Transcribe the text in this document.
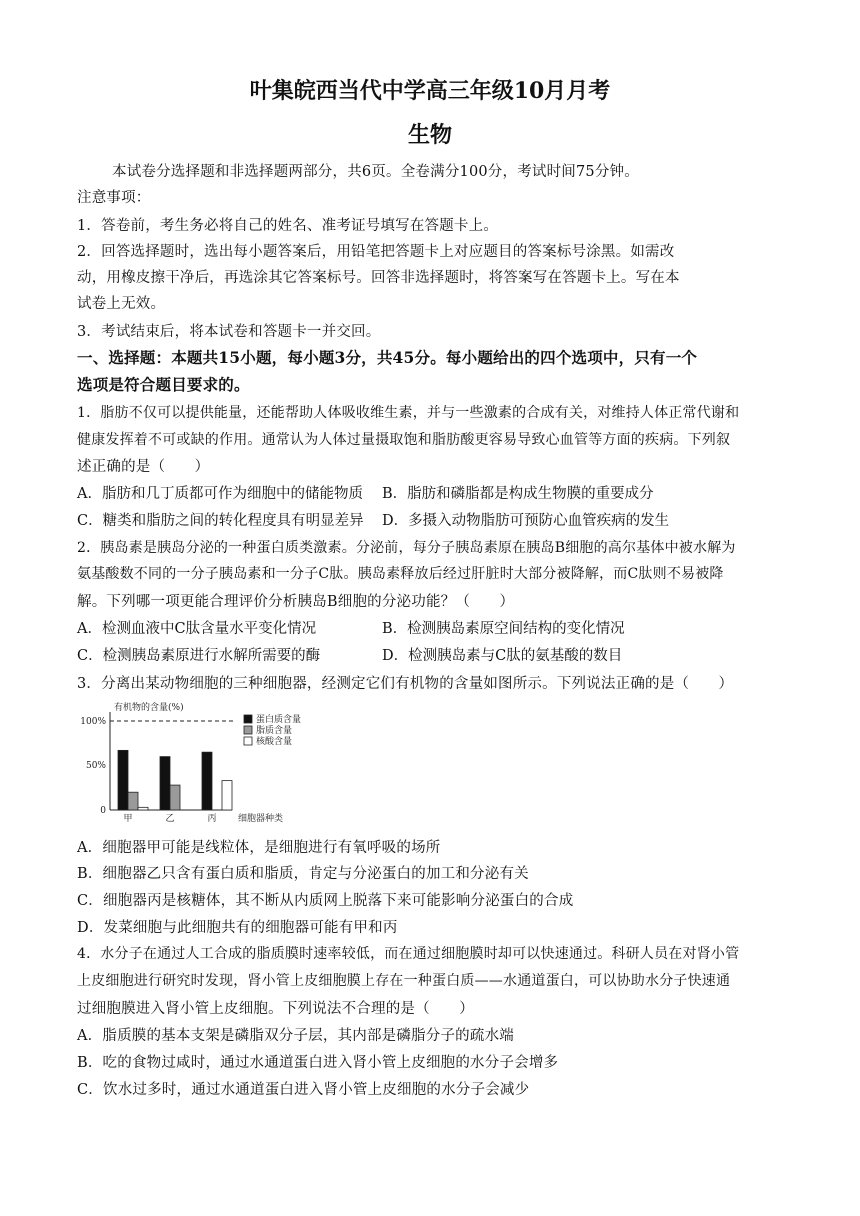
叶集皖西当代中学高三年级10月月考
生物
本试卷分选择题和非选择题两部分，共6页。全卷满分100分，考试时间75分钟。
注意事项：
1．答卷前，考生务必将自己的姓名、准考证号填写在答题卡上。
2．回答选择题时，选出每小题答案后，用铅笔把答题卡上对应题目的答案标号涂黑。如需改
动，用橡皮擦干净后，再选涂其它答案标号。回答非选择题时，将答案写在答题卡上。写在本
试卷上无效。
3．考试结束后，将本试卷和答题卡一并交回。
一、选择题：本题共15小题，每小题3分，共45分。每小题给出的四个选项中，只有一个
选项是符合题目要求的。
1．脂肪不仅可以提供能量，还能帮助人体吸收维生素，并与一些激素的合成有关，对维持人体正常代谢和
健康发挥着不可或缺的作用。通常认为人体过量摄取饱和脂肪酸更容易导致心血管等方面的疾病。下列叙
述正确的是（　　）
A．脂肪和几丁质都可作为细胞中的储能物质 B．脂肪和磷脂都是构成生物膜的重要成分
C．糖类和脂肪之间的转化程度具有明显差异 D．多摄入动物脂肪可预防心血管疾病的发生
2．胰岛素是胰岛分泌的一种蛋白质类激素。分泌前，每分子胰岛素原在胰岛B细胞的高尔基体中被水解为
氨基酸数不同的一分子胰岛素和一分子C肽。胰岛素释放后经过肝脏时大部分被降解，而C肽则不易被降
解。下列哪一项更能合理评价分析胰岛B细胞的分泌功能？（　　）
A．检测血液中C肽含量水平变化情况	B．检测胰岛素原空间结构的变化情况
C．检测胰岛素原进行水解所需要的酶	D．检测胰岛素与C肽的氨基酸的数目
3．分离出某动物细胞的三种细胞器，经测定它们有机物的含量如图所示。下列说法正确的是（　　）
有机物的含量(%)
100%
50%
0
甲	乙	丙 细胞器种类
蛋白质含量
脂质含量
核酸含量
A．细胞器甲可能是线粒体，是细胞进行有氧呼吸的场所
B．细胞器乙只含有蛋白质和脂质，肯定与分泌蛋白的加工和分泌有关
C．细胞器丙是核糖体，其不断从内质网上脱落下来可能影响分泌蛋白的合成
D．发菜细胞与此细胞共有的细胞器可能有甲和丙
4．水分子在通过人工合成的脂质膜时速率较低，而在通过细胞膜时却可以快速通过。科研人员在对肾小管
上皮细胞进行研究时发现，肾小管上皮细胞膜上存在一种蛋白质——水通道蛋白，可以协助水分子快速通
过细胞膜进入肾小管上皮细胞。下列说法不合理的是（　　）
A．脂质膜的基本支架是磷脂双分子层，其内部是磷脂分子的疏水端
B．吃的食物过咸时，通过水通道蛋白进入肾小管上皮细胞的水分子会增多
C．饮水过多时，通过水通道蛋白进入肾小管上皮细胞的水分子会减少
